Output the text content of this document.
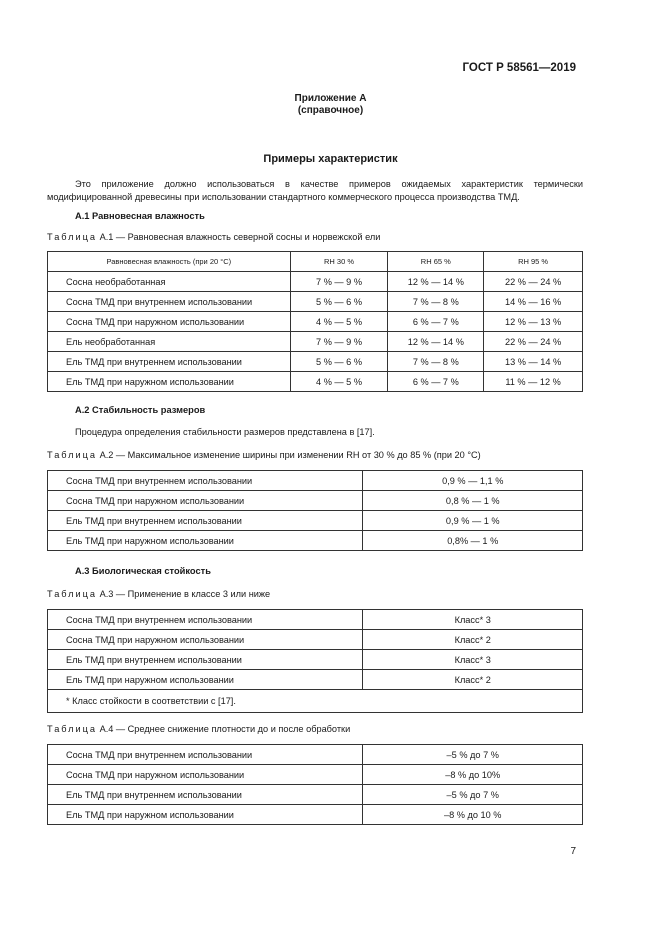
ГОСТ Р 58561—2019
Приложение А
(справочное)
Примеры характеристик
Это приложение должно использоваться в качестве примеров ожидаемых характеристик термически модифицированной древесины при использовании стандартного коммерческого процесса производства ТМД.
А.1 Равновесная влажность
Таблица А.1 — Равновесная влажность северной сосны и норвежской ели
Равновесная влажность (при 20 °С)	RH 30 %	RH 65 %	RH 95 %
Сосна необработанная	7 % — 9 %	12 % — 14 %	22 % — 24 %
Сосна ТМД при внутреннем использовании	5 % — 6 %	7 % — 8 %	14 % — 16 %
Сосна ТМД при наружном использовании	4 % — 5 %	6 % — 7 %	12 % — 13 %
Ель необработанная	7 % — 9 %	12 % — 14 %	22 % — 24 %
Ель ТМД при внутреннем использовании	5 % — 6 %	7 % — 8 %	13 % — 14 %
Ель ТМД при наружном использовании	4 % — 5 %	6 % — 7 %	11 % — 12 %
А.2 Стабильность размеров
Процедура определения стабильности размеров представлена в [17].
Таблица А.2 — Максимальное изменение ширины при изменении RH от 30 % до 85 % (при 20 °С)
Сосна ТМД при внутреннем использовании	0,9 % — 1,1 %
Сосна ТМД при наружном использовании	0,8 % — 1 %
Ель ТМД при внутреннем использовании	0,9 % — 1 %
Ель ТМД при наружном использовании	0,8% — 1 %
А.3 Биологическая стойкость
Таблица А.3 — Применение в классе 3 или ниже
Сосна ТМД при внутреннем использовании	Класс* 3
Сосна ТМД при наружном использовании	Класс* 2
Ель ТМД при внутреннем использовании	Класс* 3
Ель ТМД при наружном использовании	Класс* 2
* Класс стойкости в соответствии с [17].	
Таблица А.4 — Среднее снижение плотности до и после обработки
Сосна ТМД при внутреннем использовании	–5 % до 7 %
Сосна ТМД при наружном использовании	–8 % до 10%
Ель ТМД при внутреннем использовании	–5 % до 7 %
Ель ТМД при наружном использовании	–8 % до 10 %
7
